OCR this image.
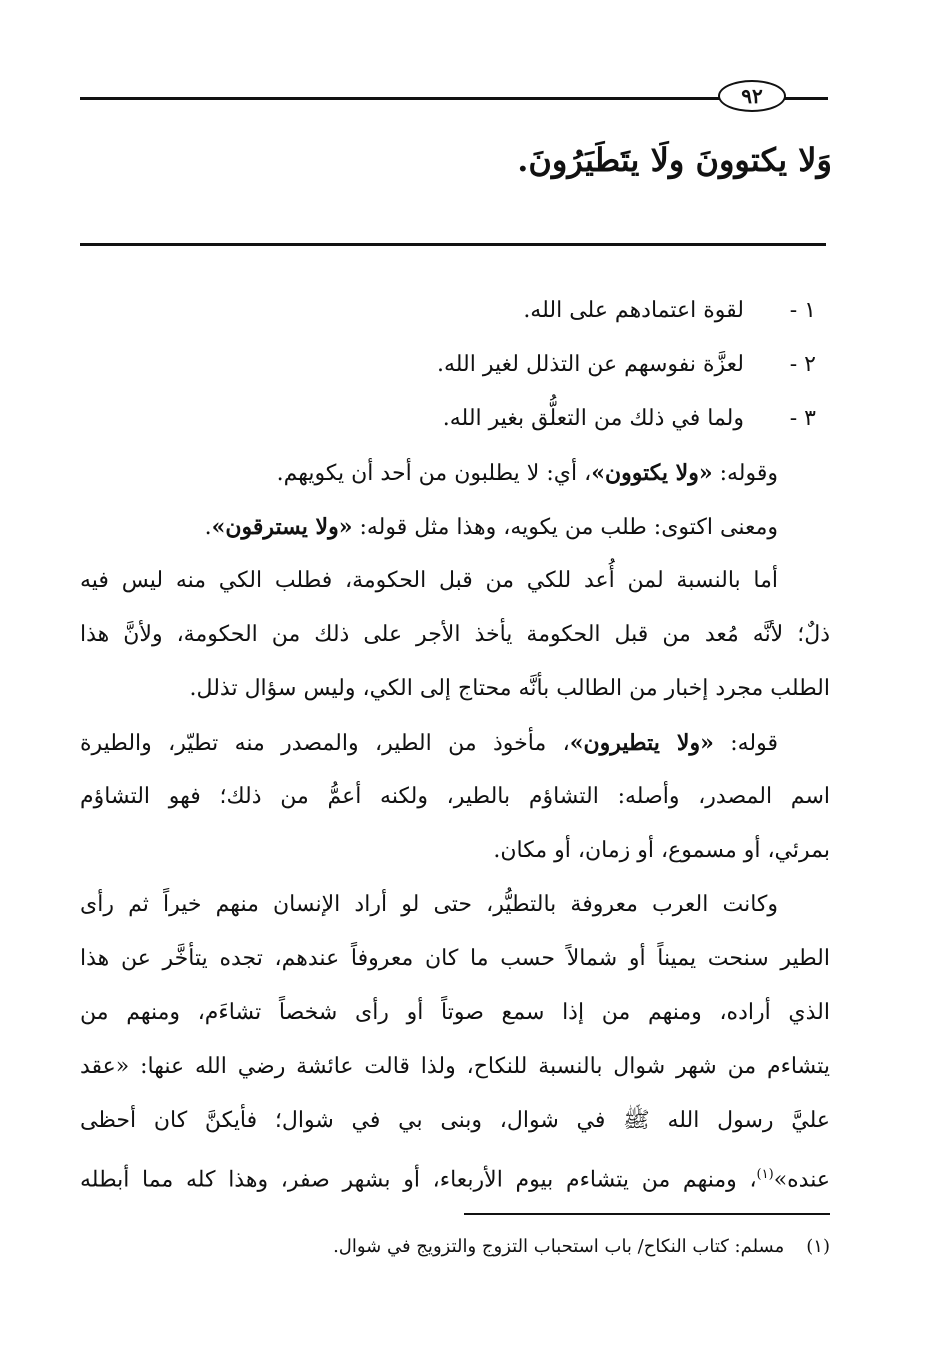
٩٢
وَلا يكتوونَ ولَا يتَطَيَرُونَ.
١ -
لقوة اعتمادهم على الله.
٢ -
لعزَّة نفوسهم عن التذلل لغير الله.
٣ -
ولما في ذلك من التعلُّق بغير الله.
وقوله: «ولا يكتوون»، أي: لا يطلبون من أحد أن يكويهم.
ومعنى اكتوى: طلب من يكويه، وهذا مثل قوله: «ولا يسترقون».
أما بالنسبة لمن أُعد للكي من قبل الحكومة، فطلب الكي منه ليس فيه
ذلٌ؛ لأنَّه مُعد من قبل الحكومة يأخذ الأجر على ذلك من الحكومة، ولأنَّ هذا
الطلب مجرد إخبار من الطالب بأنَّه محتاج إلى الكي، وليس سؤال تذلل.
قوله: «ولا يتطيرون»، مأخوذ من الطير، والمصدر منه تطيّر، والطيرة
اسم المصدر، وأصله: التشاؤم بالطير، ولكنه أعمُّ من ذلك؛ فهو التشاؤم
بمرئي، أو مسموع، أو زمان، أو مكان.
وكانت العرب معروفة بالتطيُّر، حتى لو أراد الإنسان منهم خيراً ثم رأى
الطير سنحت يميناً أو شمالاً حسب ما كان معروفاً عندهم، تجده يتأخَّر عن هذا
الذي أراده، ومنهم من إذا سمع صوتاً أو رأى شخصاً تشاءَم، ومنهم من
يتشاءم من شهر شوال بالنسبة للنكاح، ولذا قالت عائشة رضي الله عنها: «عقد
عليَّ رسول الله ﷺ في شوال، وبنى بي في شوال؛ فأيكنَّ كان أحظى
عنده»$^{(١)}$، ومنهم من يتشاءم بيوم الأربعاء، أو بشهر صفر، وهذا كله مما أبطله
(١)مسلم: كتاب النكاح/ باب استحباب التزوج والتزويج في شوال.
